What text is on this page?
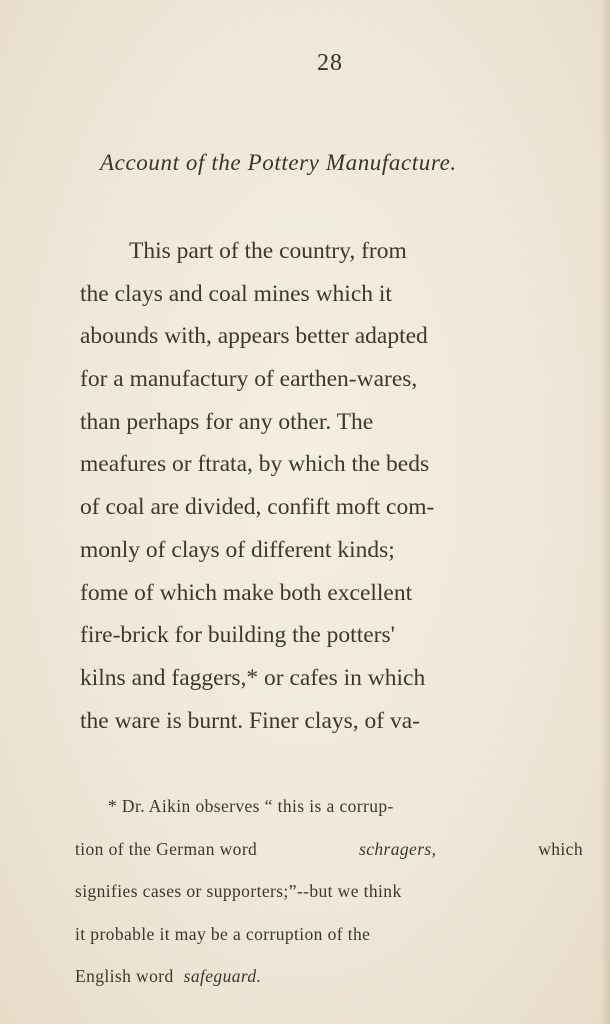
28
Account of the Pottery Manufacture.
This part of the country, from
the clays and coal mines which it
abounds with, appears better adapted
for a manufactury of earthen-wares,
than perhaps for any other. The
meafures or ftrata, by which the beds
of coal are divided, confift moft com-
monly of clays of different kinds;
fome of which make both excellent
fire-brick for building the potters'
kilns and faggers,* or cafes in which
the ware is burnt. Finer clays, of va-
* Dr. Aikin observes “ this is a corrup-
tion of the German word	schragers,	which
signifies cases or supporters;”--but we think
it probable it may be a corruption of the
English word safeguard.
